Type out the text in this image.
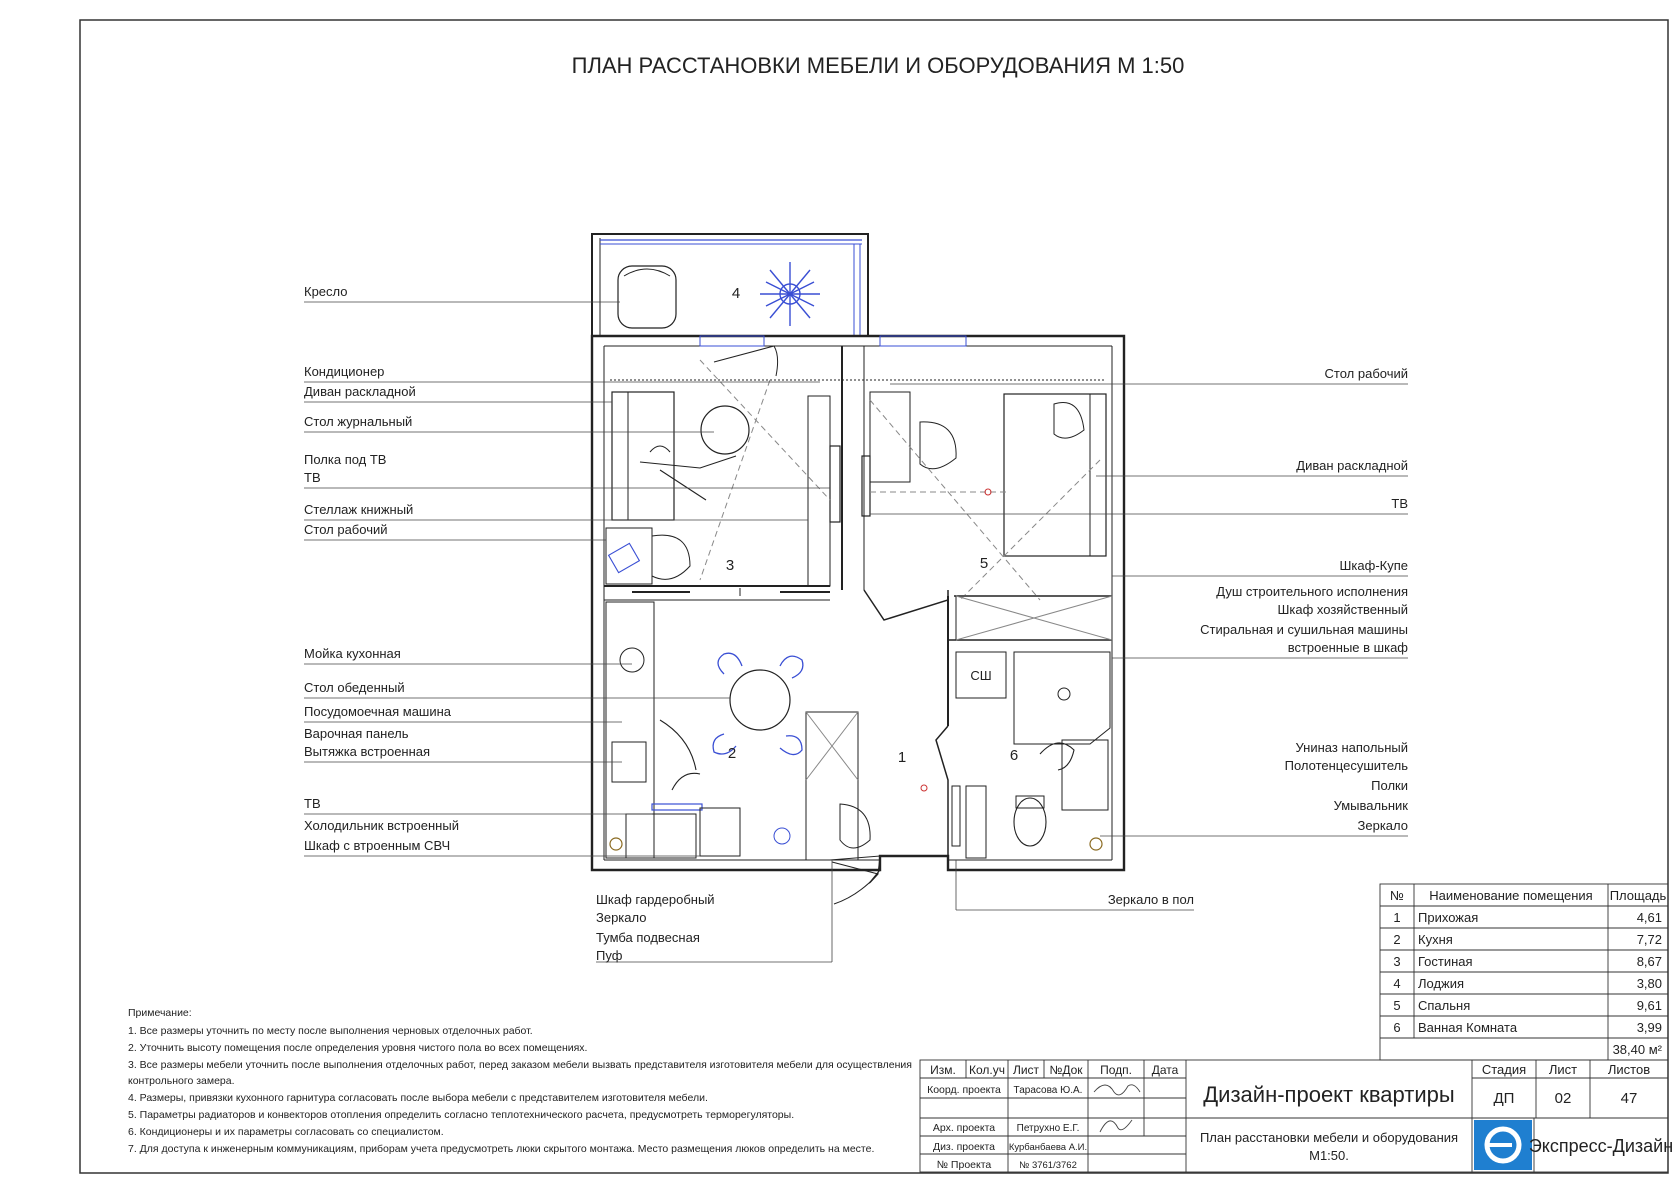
ПЛАН РАССТАНОВКИ МЕБЕЛИ И ОБОРУДОВАНИЯ М 1:50
1
2
3
4
5
6
СШ
Кресло
Кондиционер
Диван раскладной
Стол журнальный
Полка под ТВ
ТВ
Стеллаж книжный
Стол рабочий
Мойка кухонная
Стол обеденный
Посудомоечная машина
Варочная панель
Вытяжка встроенная
ТВ
Холодильник встроенный
Шкаф с втроенным СВЧ
Стол рабочий
Диван раскладной
ТВ
Шкаф-Купе
Душ строительного исполнения
Шкаф хозяйственный
Стиральная и сушильная машины
встроенные в шкаф
Униназ напольный
Полотенцесушитель
Полки
Умывальник
Зеркало
Шкаф гардеробный
Зеркало
Тумба подвесная
Пуф
Зеркало в пол
Примечание:
1. Все размеры уточнить по месту после выполнения черновых отделочных работ.
2. Уточнить высоту помещения после определения уровня чистого пола во всех помещениях.
3. Все размеры мебели уточнить после выполнения отделочных работ, перед заказом мебели вызвать представителя изготовителя мебели для осуществления
контрольного замера.
4. Размеры, привязки кухонного гарнитура согласовать после выбора мебели с представителем изготовителя мебели.
5. Параметры радиаторов и конвекторов отопления определить согласно теплотехнического расчета, предусмотреть терморегуляторы.
6. Кондиционеры и их параметры согласовать со специалистом.
7. Для доступа к инженерным коммуникациям, приборам учета предусмотреть люки скрытого монтажа. Место размещения люков определить на месте.
№ Наименование помещения Площадь
1 Прихожая	4,61
2 Кухня	7,72
3 Гостиная	8,67
4 Лоджия	3,80
5 Спальня	9,61
6 Ванная Комната	3,99
38,40 м²
Изм. Кол.уч Лист №Док Подп. Дата
Коорд. проекта Тарасова Ю.А.
Арх. проекта Петрухно Е.Г.
Диз. проекта Курбанбаева А.И.
№ Проекта	№ 3761/3762
Дизайн-проект квартиры
План расстановки мебели и оборудования
М1:50.
Стадия
ДП
Лист
02
Листов
47
Экспресс-Дизайн
